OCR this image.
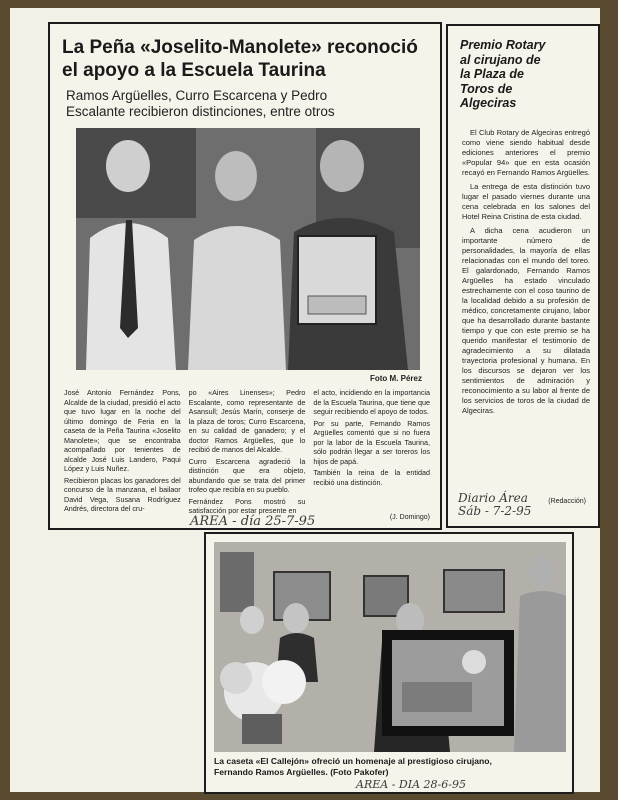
La Peña «Joselito-Manolete» reconoció
el apoyo a la Escuela Taurina
Ramos Argüelles, Curro Escarcena y Pedro
Escalante recibieron distinciones, entre otros
Foto M. Pérez

José Antonio Fernández Pons, Alcalde de la ciudad, presidió el acto que tuvo lugar en la noche del último domingo de Feria en la caseta de la Peña Taurina «Joselito Manolete»; que se encontraba acompañado por tenientes de alcalde José Luis Landero, Paqui López y Luis Nuñez.

Recibieron placas los ganadores del concurso de la manzana, el bailaor David Vega, Susana Rodríguez Andrés, directora del cru-

po «Aires Linenses»; Pedro Escalante, como representante de Asansull; Jesús Marín, conserje de la plaza de toros; Curro Escarcena, en su calidad de ganadero; y el doctor Ramos Argüelles, que lo recibió de manos del Alcalde.

Curro Escarcena agradeció la distinción que era objeto, abundando que se trata del primer trofeo que recibía en su pueblo.

Fernández Pons mostró su satisfacción por estar presente en

el acto, incidiendo en la importancia de la Escuela Taurina, que tiene que seguir recibiendo el apoyo de todos.

Por su parte, Fernando Ramos Argüelles comentó que si no fuera por la labor de la Escuela Taurina, sólo podrán llegar a ser toreros los hijos de papá.

También la reina de la entidad recibió una distinción.

(J. Domingo)
AREA - día 25-7-95
Premio Rotary
al cirujano de
la Plaza de
Toros de
Algeciras

El Club Rotary de Algeciras entregó como viene siendo habitual desde ediciones anteriores el premio «Popular 94» que en esta ocasión recayó en Fernando Ramos Argüelles.

La entrega de esta distinción tuvo lugar el pasado viernes durante una cena celebrada en los salones del Hotel Reina Cristina de esta ciudad.

A dicha cena acudieron un importante número de personalidades, la mayoría de ellas relacionadas con el mundo del toreo. El galardonado, Fernando Ramos Argüelles ha estado vinculado estrechamente con el coso taurino de la localidad debido a su profesión de médico, concretamente cirujano, labor que ha desarrollado durante bastante tiempo y que con este premio se ha querido manifestar el testimonio de agradecimiento a su dilatada trayectoria profesional y humana. En los discursos se dejaron ver los sentimientos de admiración y reconocimiento a su labor al frente de los servicios de toros de la ciudad de Algeciras.

(Redacción)
Diario Área
Sáb - 7-2-95
La caseta «El Callejón» ofreció un homenaje al prestigioso cirujano,
Fernando Ramos Argüelles. (Foto Pakofer)
AREA - DIA 28-6-95
